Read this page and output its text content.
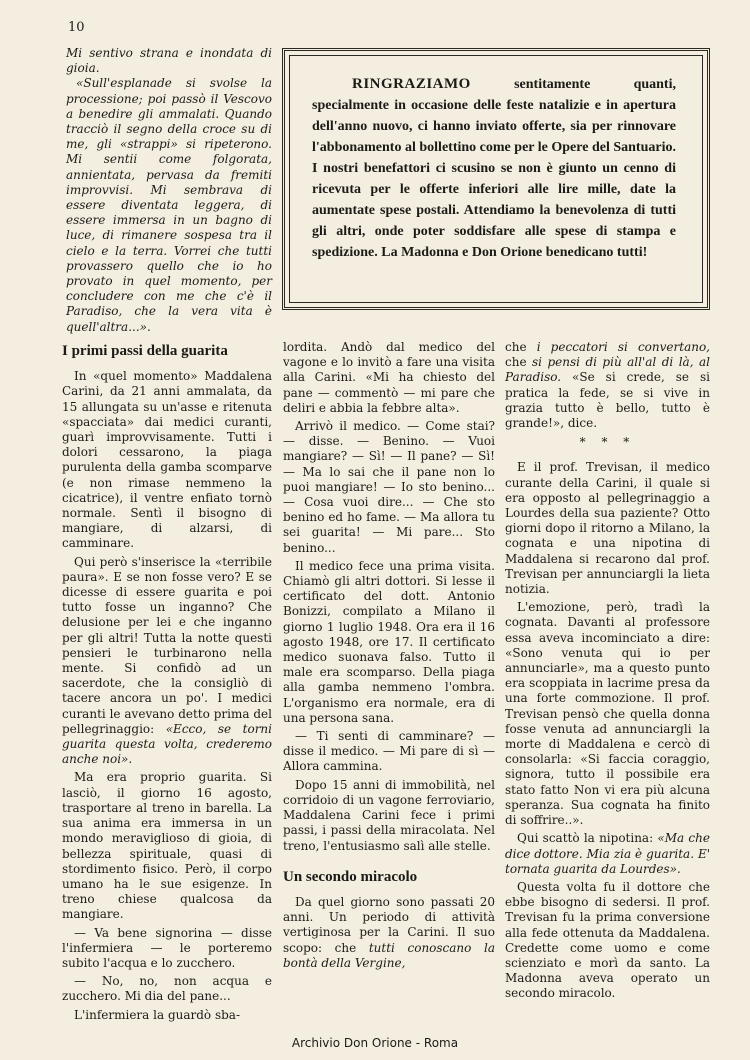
10

Mi sentivo strana e inondata di gioia.

«Sull'esplanade si svolse la processione; poi passò il Vescovo a benedire gli ammalati. Quando tracciò il segno della croce su di me, gli «strappi» si ripeterono. Mi sentii come folgorata, annientata, pervasa da fremiti improvvisi. Mi sembrava di essere diventata leggera, di essere immersa in un bagno di luce, di rimanere sospesa tra il cielo e la terra. Vorrei che tutti provassero quello che io ho provato in quel momento, per concludere con me che c'è il Paradiso, che la vera vita è quell'altra...».

RINGRAZIAMO	sentitamente quanti, specialmente in occasione delle feste natalizie e in apertura dell'anno nuovo, ci hanno inviato offerte, sia per rinnovare l'abbonamento al bollettino come per le Opere del Santuario. I nostri benefattori ci scusino se non è giunto un cenno di ricevuta per le offerte inferiori alle lire mille, date la aumentate spese postali. Attendiamo la benevolenza di tutti gli altri, onde poter soddisfare alle spese di stampa e spedizione. La Madonna e Don Orione benedicano tutti!

I primi passi della guarita

In «quel momento» Maddalena Carini, da 21 anni ammalata, da 15 allungata su un'asse e ritenuta «spacciata» dai medici curanti, guarì improvvisamente. Tutti i dolori cessarono, la piaga purulenta della gamba scomparve (e non rimase nemmeno la cicatrice), il ventre enfiato tornò normale. Sentì il bisogno di mangiare, di alzarsi, di camminare.

Qui però s'inserisce la «terribile paura». E se non fosse vero? E se dicesse di essere guarita e poi tutto fosse un inganno? Che delusione per lei e che inganno per gli altri! Tutta la notte questi pensieri le turbinarono nella mente. Si confidò ad un sacerdote, che la consigliò di tacere ancora un po'. I medici curanti le avevano detto prima del pellegrinaggio: «Ecco, se torni guarita questa volta, crederemo anche noi».

Ma era proprio guarita. Si lasciò, il giorno 16 agosto, trasportare al treno in barella. La sua anima era immersa in un mondo meraviglioso di gioia, di bellezza spirituale, quasi di stordimento fisico. Però, il corpo umano ha le sue esigenze. In treno chiese qualcosa da mangiare.

— Va bene signorina — disse l'infermiera — le porteremo subito l'acqua e lo zucchero.

— No, no, non acqua e zucchero. Mi dia del pane...

L'infermiera la guardò sba-

lordita. Andò dal medico del vagone e lo invitò a fare una visita alla Carini. «Mi ha chiesto del pane — commentò — mi pare che deliri e abbia la febbre alta».

Arrivò il medico. — Come stai? — disse. — Benino. — Vuoi mangiare? — Sì! — Il pane? — Sì! — Ma lo sai che il pane non lo puoi mangiare! — Io sto benino... — Cosa vuoi dire... — Che sto benino ed ho fame. — Ma allora tu sei guarita! — Mi pare... Sto benino...

Il medico fece una prima visita. Chiamò gli altri dottori. Si lesse il certificato del dott. Antonio Bonizzi, compilato a Milano il giorno 1 luglio 1948. Ora era il 16 agosto 1948, ore 17. Il certificato medico suonava falso. Tutto il male era scomparso. Della piaga alla gamba nemmeno l'ombra. L'organismo era normale, era di una persona sana.

— Ti senti di camminare? — disse il medico. — Mi pare di sì — Allora cammina.

Dopo 15 anni di immobilità, nel corridoio di un vagone ferroviario, Maddalena Carini fece i primi passi, i passi della miracolata. Nel treno, l'entusiasmo salì alle stelle.

Un secondo miracolo

Da quel giorno sono passati 20 anni. Un periodo di attività vertiginosa per la Carini. Il suo scopo: che tutti conoscano la bontà della Vergine,

che i peccatori si convertano, che si pensi di più all'al di là, al Paradiso. «Se si crede, se si pratica la fede, se si vive in grazia tutto è bello, tutto è grande!», dice.

* * *

E il prof. Trevisan, il medico curante della Carini, il quale si era opposto al pellegrinaggio a Lourdes della sua paziente? Otto giorni dopo il ritorno a Milano, la cognata e una nipotina di Maddalena si recarono dal prof. Trevisan per annunciargli la lieta notizia.

L'emozione, però, tradì la cognata. Davanti al professore essa aveva incominciato a dire: «Sono venuta qui io per annunciarle», ma a questo punto era scoppiata in lacrime presa da una forte commozione. Il prof. Trevisan pensò che quella donna fosse venuta ad annunciargli la morte di Maddalena e cercò di consolarla: «Si faccia coraggio, signora, tutto il possibile era stato fatto Non vi era più alcuna speranza. Sua cognata ha finito di soffrire..».

Qui scattò la nipotina: «Ma che dice dottore. Mia zia è guarita. E' tornata guarita da Lourdes».

Questa volta fu il dottore che ebbe bisogno di sedersi. Il prof. Trevisan fu la prima conversione alla fede ottenuta da Maddalena. Credette come uomo e come scienziato e morì da santo. La Madonna aveva operato un secondo miracolo.

Archivio Don Orione - Roma
